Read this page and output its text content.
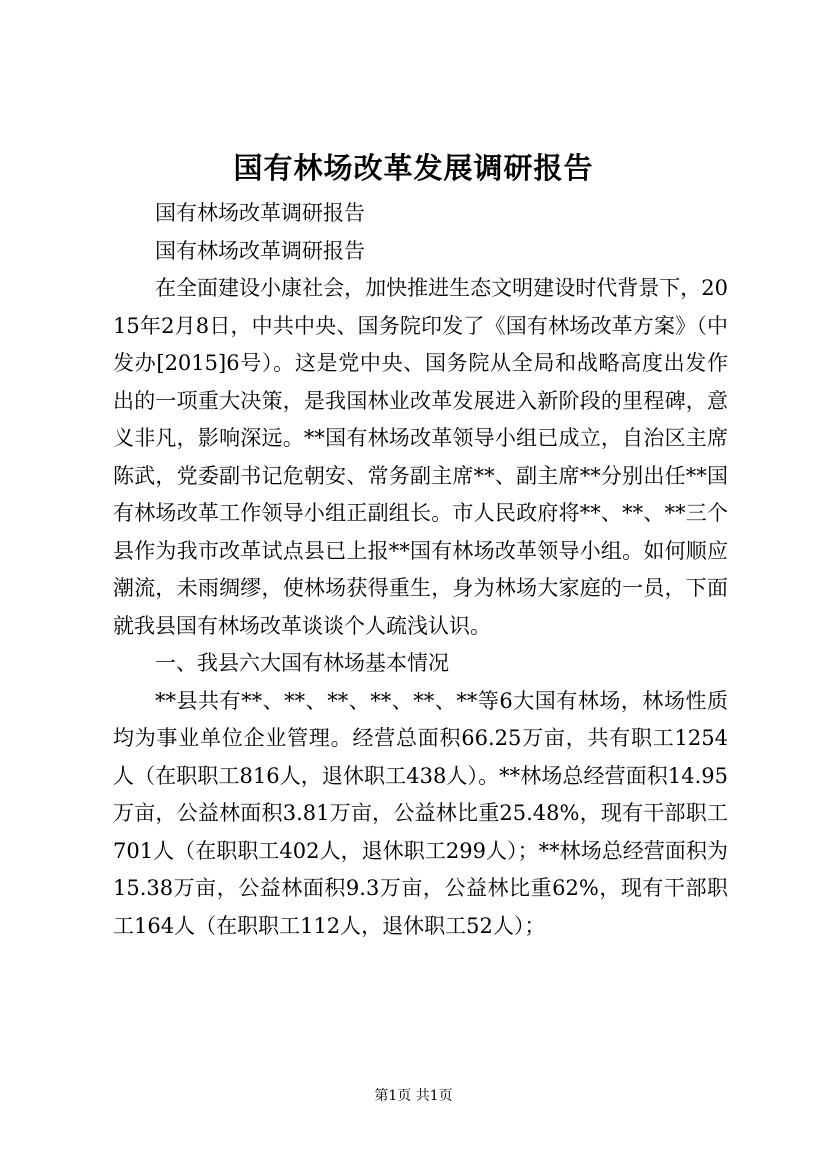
国有林场改革发展调研报告

国有林场改革调研报告

国有林场改革调研报告

在全面建设小康社会，加快推进生态文明建设时代背景下，2015年2月8日，中共中央、国务院印发了《国有林场改革方案》（中发办[2015]6号）。这是党中央、国务院从全局和战略高度出发作出的一项重大决策，是我国林业改革发展进入新阶段的里程碑，意义非凡，影响深远。**国有林场改革领导小组已成立，自治区主席陈武，党委副书记危朝安、常务副主席**、副主席**分别出任**国有林场改革工作领导小组正副组长。市人民政府将**、**、**三个县作为我市改革试点县已上报**国有林场改革领导小组。如何顺应潮流，未雨绸缪，使林场获得重生，身为林场大家庭的一员，下面就我县国有林场改革谈谈个人疏浅认识。

一、我县六大国有林场基本情况

**县共有**、**、**、**、**、**等6大国有林场，林场性质均为事业单位企业管理。经营总面积66.25万亩，共有职工1254人（在职职工816人，退休职工438人）。**林场总经营面积14.95万亩，公益林面积3.81万亩，公益林比重25.48%，现有干部职工701人（在职职工402人，退休职工299人）；**林场总经营面积为15.38万亩，公益林面积9.3万亩，公益林比重62%，现有干部职工164人（在职职工112人，退休职工52人）；

第1页 共1页
